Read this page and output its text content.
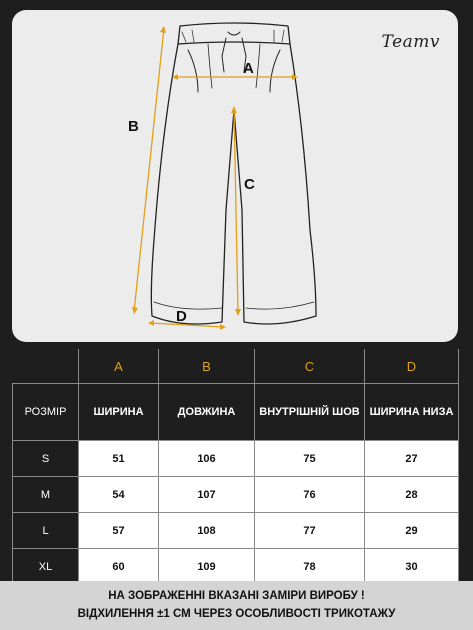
Teamv
A
B
C
D
	A	B	C	D
РОЗМІР	ШИРИНА	ДОВЖИНА	ВНУТРІШНІЙ ШОВ	ШИРИНА НИЗА
S	51	106	75	27
M	54	107	76	28
L	57	108	77	29
XL	60	109	78	30
НА ЗОБРАЖЕННІ ВКАЗАНІ ЗАМІРИ ВИРОБУ !
ВІДХИЛЕННЯ ±1 СМ ЧЕРЕЗ ОСОБЛИВОСТІ ТРИКОТАЖУ
